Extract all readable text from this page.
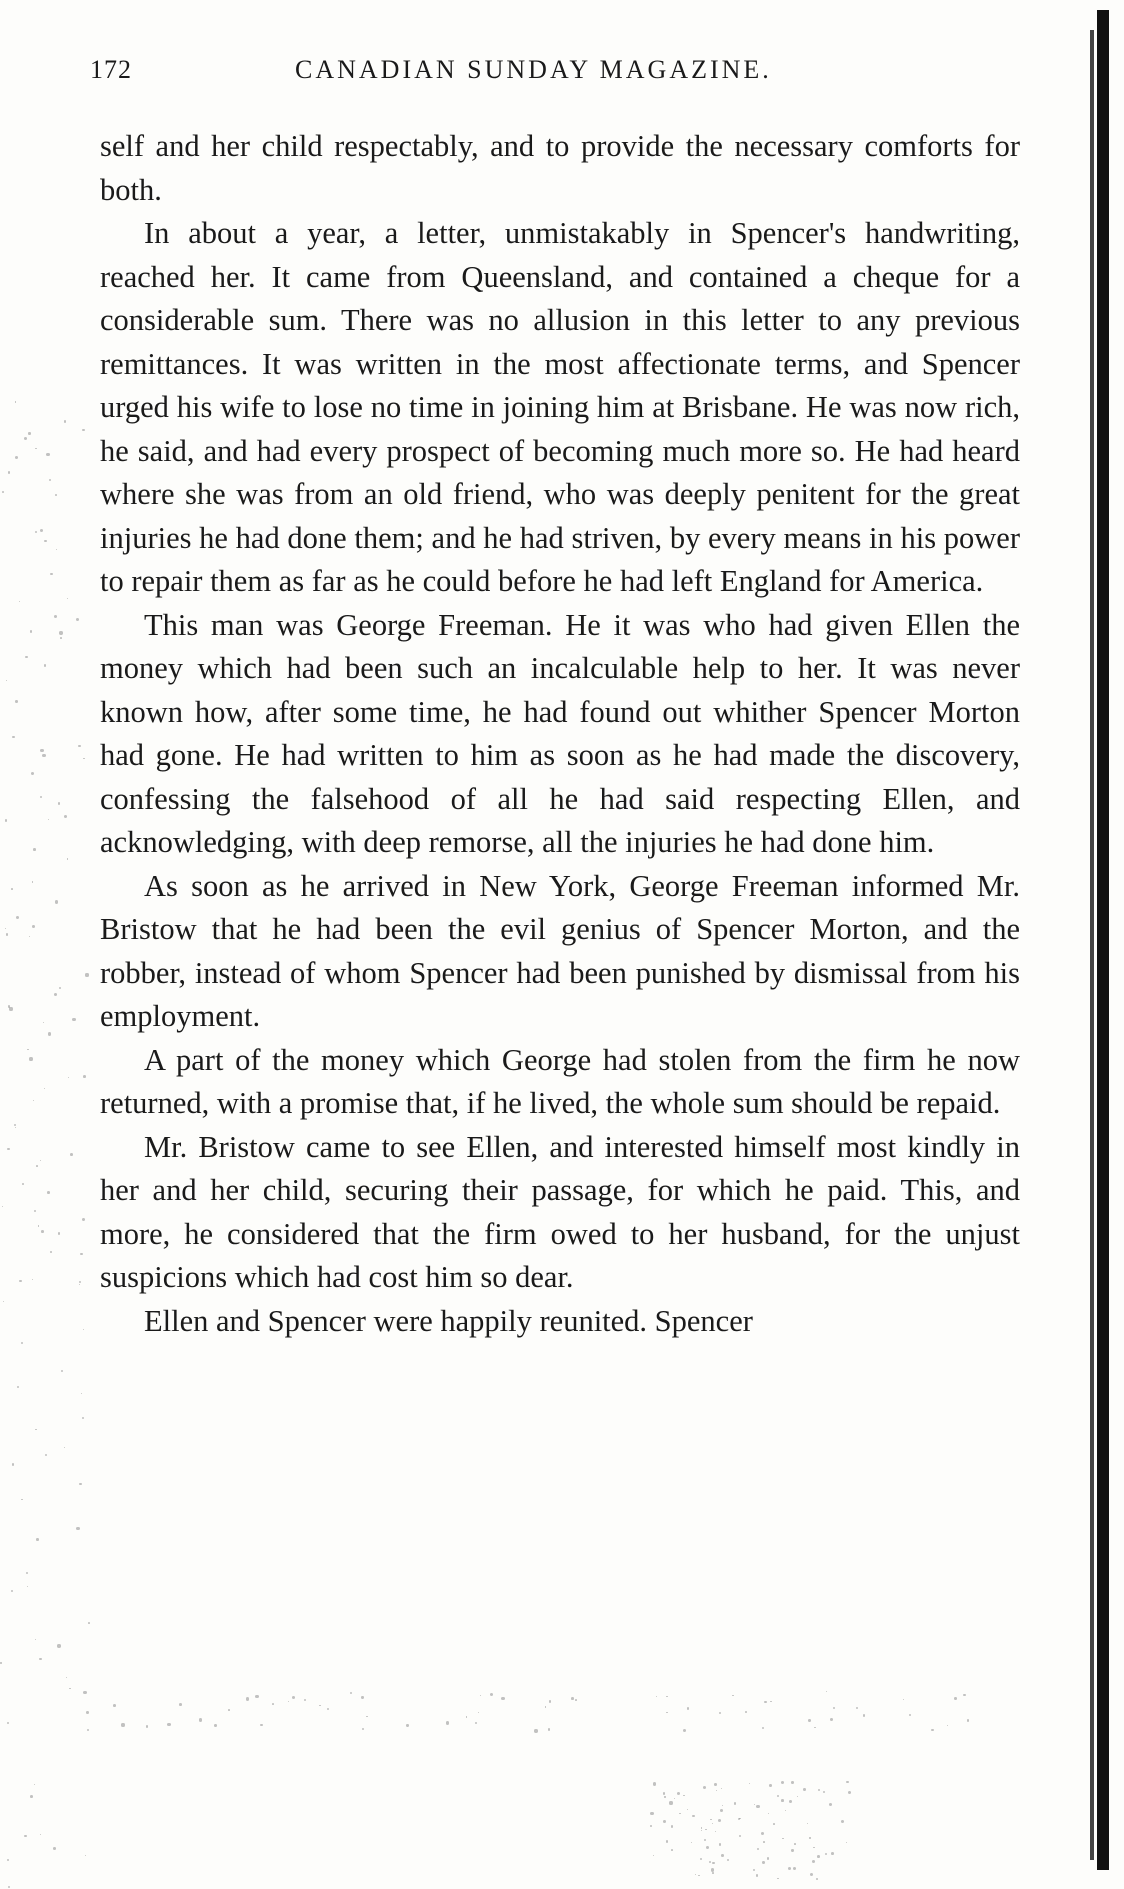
172	CANADIAN SUNDAY MAGAZINE.

self and her child respectably, and to provide the necessary comforts for both.

In about a year, a letter, unmistakably in Spencer's handwriting, reached her. It came from Queensland, and contained a cheque for a considerable sum. There was no allusion in this letter to any previous remittances. It was written in the most affectionate terms, and Spencer urged his wife to lose no time in joining him at Brisbane. He was now rich, he said, and had every prospect of becoming much more so. He had heard where she was from an old friend, who was deeply penitent for the great injuries he had done them; and he had striven, by every means in his power to repair them as far as he could before he had left England for America.

This man was George Freeman. He it was who had given Ellen the money which had been such an incalculable help to her. It was never known how, after some time, he had found out whither Spencer Morton had gone. He had written to him as soon as he had made the discovery, confessing the falsehood of all he had said respecting Ellen, and acknowledging, with deep remorse, all the injuries he had done him.

As soon as he arrived in New York, George Freeman informed Mr. Bristow that he had been the evil genius of Spencer Morton, and the robber, instead of whom Spencer had been punished by dismissal from his employment.

A part of the money which George had stolen from the firm he now returned, with a promise that, if he lived, the whole sum should be repaid.

Mr. Bristow came to see Ellen, and interested himself most kindly in her and her child, securing their passage, for which he paid. This, and more, he considered that the firm owed to her husband, for the unjust suspicions which had cost him so dear.

Ellen and Spencer were happily reunited. Spencer
